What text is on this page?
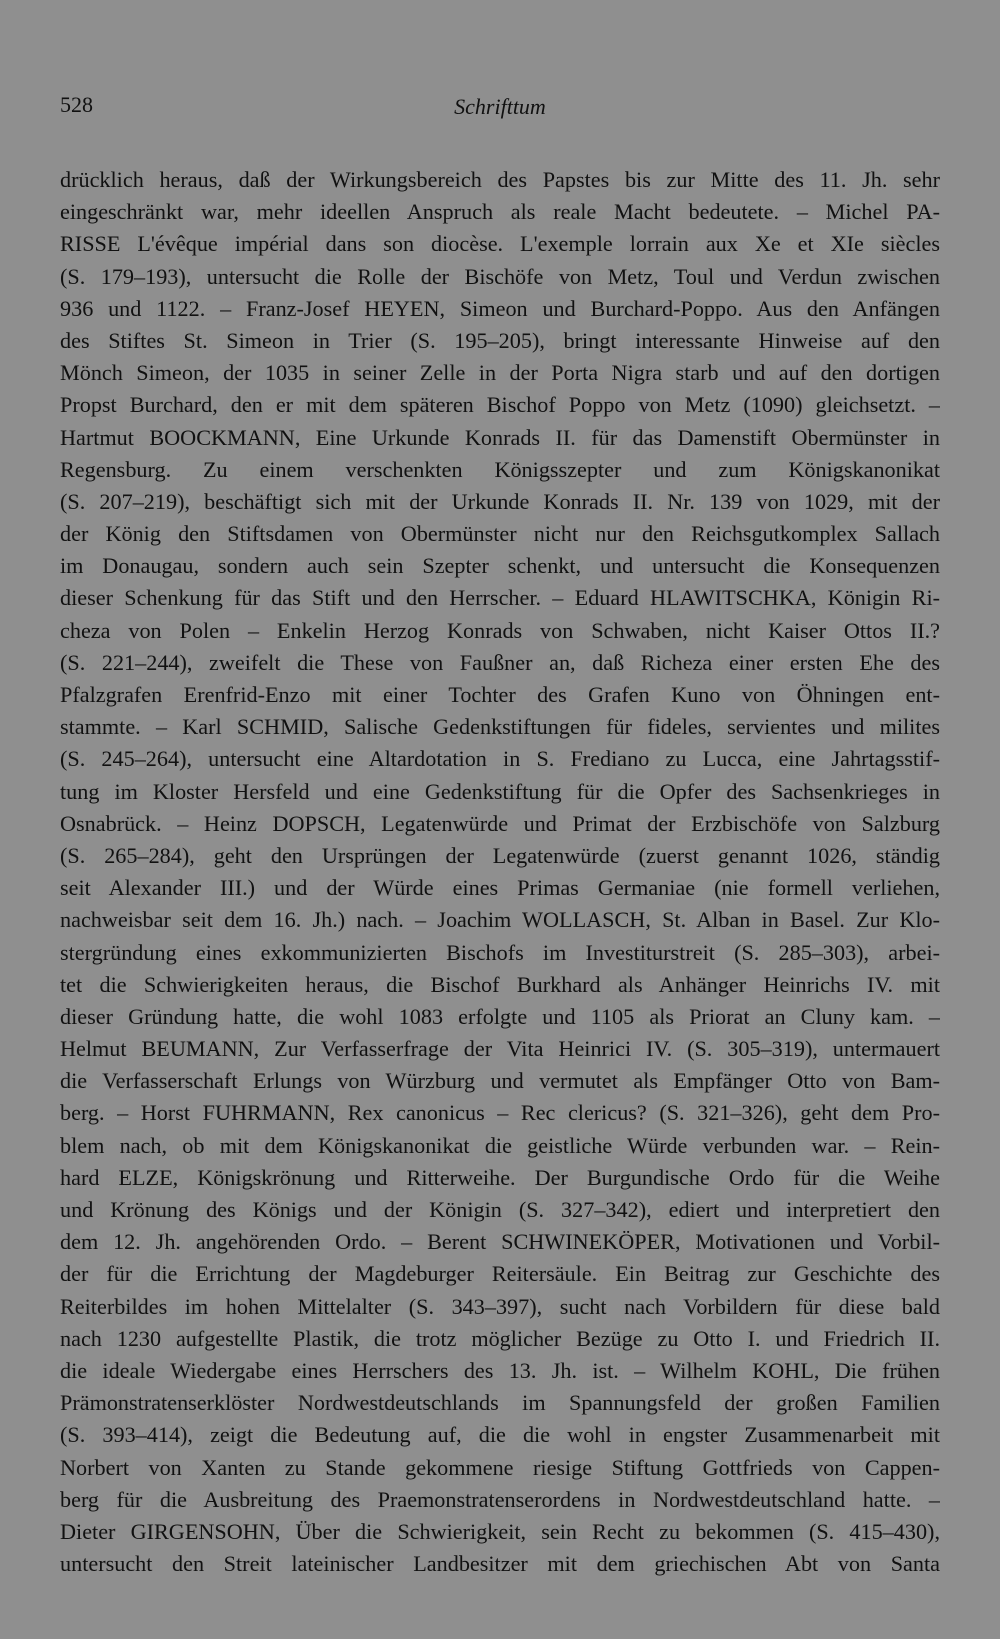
528	Schrifttum
drücklich heraus, daß der Wirkungsbereich des Papstes bis zur Mitte des 11. Jh. sehr
eingeschränkt war, mehr ideellen Anspruch als reale Macht bedeutete. – Michel PA-
RISSE L'évêque impérial dans son diocèse. L'exemple lorrain aux Xe et XIe siècles
(S. 179–193), untersucht die Rolle der Bischöfe von Metz, Toul und Verdun zwischen
936 und 1122. – Franz-Josef HEYEN, Simeon und Burchard-Poppo. Aus den Anfängen
des Stiftes St. Simeon in Trier (S. 195–205), bringt interessante Hinweise auf den
Mönch Simeon, der 1035 in seiner Zelle in der Porta Nigra starb und auf den dortigen
Propst Burchard, den er mit dem späteren Bischof Poppo von Metz (1090) gleichsetzt. –
Hartmut BOOCKMANN, Eine Urkunde Konrads II. für das Damenstift Obermünster in
Regensburg. Zu einem verschenkten Königsszepter und zum Königskanonikat
(S. 207–219), beschäftigt sich mit der Urkunde Konrads II. Nr. 139 von 1029, mit der
der König den Stiftsdamen von Obermünster nicht nur den Reichsgutkomplex Sallach
im Donaugau, sondern auch sein Szepter schenkt, und untersucht die Konsequenzen
dieser Schenkung für das Stift und den Herrscher. – Eduard HLAWITSCHKA, Königin Ri-
cheza von Polen – Enkelin Herzog Konrads von Schwaben, nicht Kaiser Ottos II.?
(S. 221–244), zweifelt die These von Faußner an, daß Richeza einer ersten Ehe des
Pfalzgrafen Erenfrid-Enzo mit einer Tochter des Grafen Kuno von Öhningen ent-
stammte. – Karl SCHMID, Salische Gedenkstiftungen für fideles, servientes und milites
(S. 245–264), untersucht eine Altardotation in S. Frediano zu Lucca, eine Jahrtagsstif-
tung im Kloster Hersfeld und eine Gedenkstiftung für die Opfer des Sachsenkrieges in
Osnabrück. – Heinz DOPSCH, Legatenwürde und Primat der Erzbischöfe von Salzburg
(S. 265–284), geht den Ursprüngen der Legatenwürde (zuerst genannt 1026, ständig
seit Alexander III.) und der Würde eines Primas Germaniae (nie formell verliehen,
nachweisbar seit dem 16. Jh.) nach. – Joachim WOLLASCH, St. Alban in Basel. Zur Klo-
stergründung eines exkommunizierten Bischofs im Investiturstreit (S. 285–303), arbei-
tet die Schwierigkeiten heraus, die Bischof Burkhard als Anhänger Heinrichs IV. mit
dieser Gründung hatte, die wohl 1083 erfolgte und 1105 als Priorat an Cluny kam. –
Helmut BEUMANN, Zur Verfasserfrage der Vita Heinrici IV. (S. 305–319), untermauert
die Verfasserschaft Erlungs von Würzburg und vermutet als Empfänger Otto von Bam-
berg. – Horst FUHRMANN, Rex canonicus – Rec clericus? (S. 321–326), geht dem Pro-
blem nach, ob mit dem Königskanonikat die geistliche Würde verbunden war. – Rein-
hard ELZE, Königskrönung und Ritterweihe. Der Burgundische Ordo für die Weihe
und Krönung des Königs und der Königin (S. 327–342), ediert und interpretiert den
dem 12. Jh. angehörenden Ordo. – Berent SCHWINEKÖPER, Motivationen und Vorbil-
der für die Errichtung der Magdeburger Reitersäule. Ein Beitrag zur Geschichte des
Reiterbildes im hohen Mittelalter (S. 343–397), sucht nach Vorbildern für diese bald
nach 1230 aufgestellte Plastik, die trotz möglicher Bezüge zu Otto I. und Friedrich II.
die ideale Wiedergabe eines Herrschers des 13. Jh. ist. – Wilhelm KOHL, Die frühen
Prämonstratenserklöster Nordwestdeutschlands im Spannungsfeld der großen Familien
(S. 393–414), zeigt die Bedeutung auf, die die wohl in engster Zusammenarbeit mit
Norbert von Xanten zu Stande gekommene riesige Stiftung Gottfrieds von Cappen-
berg für die Ausbreitung des Praemonstratenserordens in Nordwestdeutschland hatte. –
Dieter GIRGENSOHN, Über die Schwierigkeit, sein Recht zu bekommen (S. 415–430),
untersucht den Streit lateinischer Landbesitzer mit dem griechischen Abt von Santa
